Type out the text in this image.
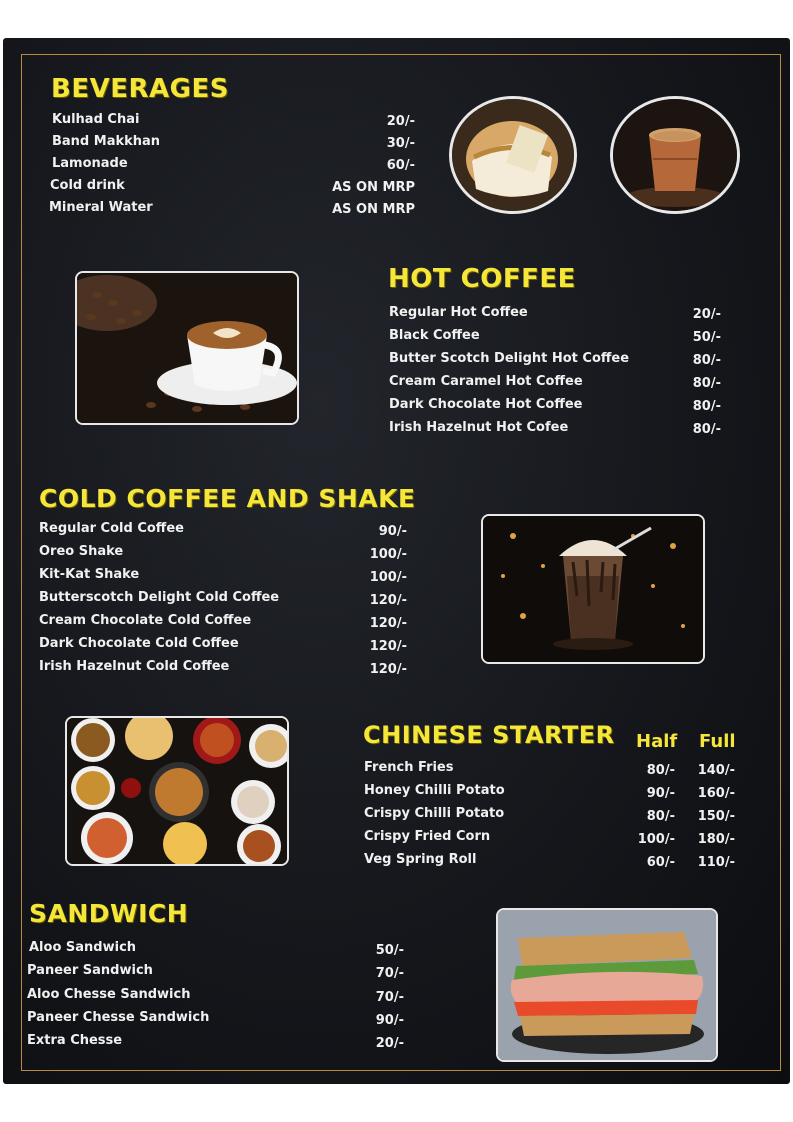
BEVERAGES

Kulhad Chai

Band Makkhan

Lamonade

Cold drink

Mineral Water

20/-

30/-

60/-

AS ON MRP

AS ON MRP

HOT COFFEE

Regular Hot Coffee

Black Coffee

Butter Scotch Delight Hot Coffee

Cream Caramel Hot Coffee

Dark Chocolate Hot Coffee

Irish Hazelnut Hot Cofee

20/-

50/-

80/-

80/-

80/-

80/-

COLD COFFEE AND SHAKE

Regular Cold Coffee

Oreo Shake

Kit-Kat Shake

Butterscotch Delight Cold Coffee

Cream Chocolate Cold Coffee

Dark Chocolate Cold Coffee

Irish Hazelnut Cold Coffee

90/-

100/-

100/-

120/-

120/-

120/-

120/-

CHINESE STARTER Half Full

French Fries

Honey Chilli Potato

Crispy Chilli Potato

Crispy Fried Corn

Veg Spring Roll

80/-

90/-

80/-

100/-

60/-

140/-

160/-

150/-

180/-

110/-

SANDWICH

Aloo Sandwich

Paneer Sandwich

Aloo Chesse Sandwich

Paneer Chesse Sandwich

Extra Chesse

50/-

70/-

70/-

90/-

20/-
